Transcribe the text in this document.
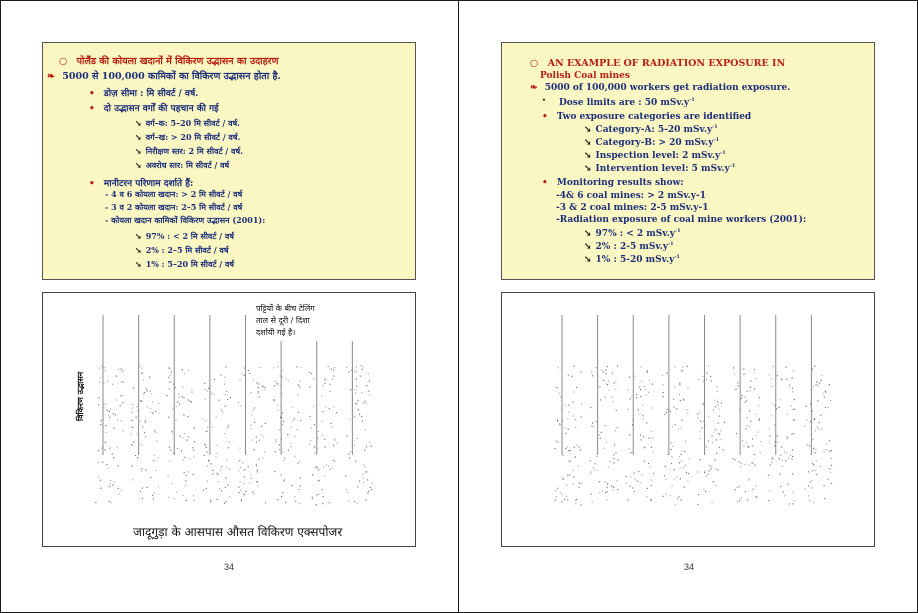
○ पोलैंड की कोयला खदानों में विकिरण उद्भासन का उदाहरण
❧ 5000 से 100,000 कामिकों का विकिरण उद्भासन होता है.
• डोज़ सीमा : मि सीवर्ट / वर्ष.
• दो उद्भासन वर्गों की पहचान की गई
➘ वर्ग–क: 5–20 मि सीवर्ट / वर्ष.
➘ वर्ग–ख: > 20 मि सीवर्ट / वर्ष.
➘ निरीक्षण स्तर: 2 मि सीवर्ट / वर्ष.
➘ अवरोध स्तर: मि सीवर्ट / वर्ष
• मानीटरन परिणाम दर्शाते हैं:
- 4 व 6 कोयला खदान: > 2 मि सीवर्ट / वर्ष
- 3 व 2 कोयला खदान: 2–5 मि सीवर्ट / वर्ष
- कोयला खदान कामिकों विकिरण उद्भासन (2001):
➘ 97% : < 2 मि सीवर्ट / वर्ष
➘ 2% : 2–5 मि सीवर्ट / वर्ष
➘ 1% : 5–20 मि सीवर्ट / वर्ष
○ AN EXAMPLE OF RADIATION EXPOSURE IN
Polish Coal mines
❧ 5000 of 100,000 workers get radiation exposure.
• Dose limits are : 50 $mSv.y^{-1}$
• Two exposure categories are identified
➘ Category-A: 5-20 $mSv.y^{-1}$
➘ Category-B: > 20 $mSv.y^{-1}$
➘ Inspection level: 2 $mSv.y^{-1}$
➘ Intervention level: 5 $mSv.y^{-1}$
• Monitoring results show:
-4& 6 coal mines: > 2 mSv.y-1
-3 & 2 coal mines: 2-5 mSv.y-1
-Radiation exposure of coal mine workers (2001):
➘ 97% : < 2 $mSv.y^{-1}$
➘ 2% : 2-5 $mSv.y^{-1}$
➘ 1% : 5-20 $mSv.y^{-1}$
पट्टियों के बीच टेलिंग
ताल से दूरी / दिशा
दर्शायी गई है।
विकिरण उद्भासन
जादूगुड़ा के आसपास औसत विकिरण एक्सपोजर
34	34
